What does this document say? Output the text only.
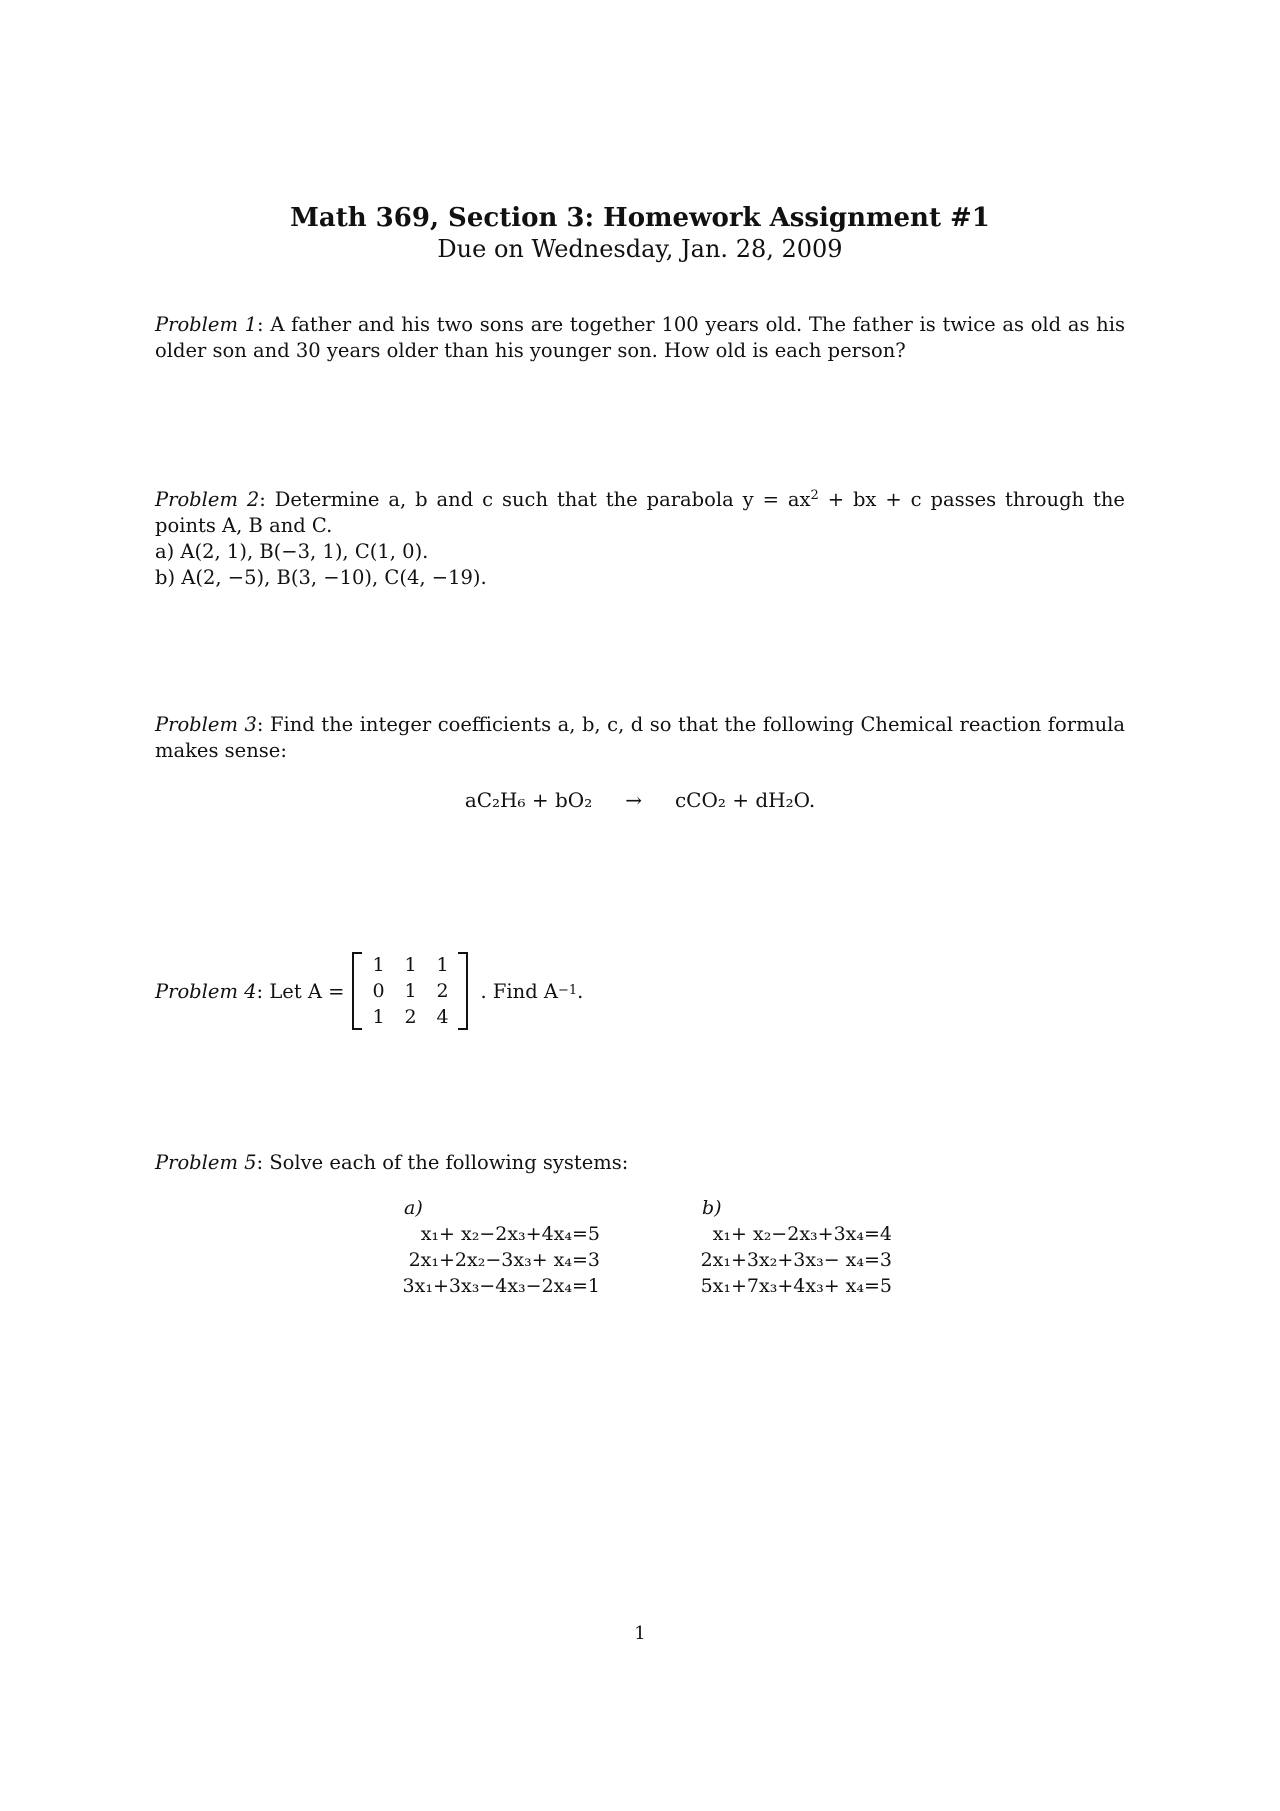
Math 369, Section 3: Homework Assignment #1
Due on Wednesday, Jan. 28, 2009
Problem 1: A father and his two sons are together 100 years old. The father is twice as old as his older son and 30 years older than his younger son. How old is each person?
Problem 2: Determine a, b and c such that the parabola $y = ax^2$ + bx + c passes through the points A, B and C.
a) A(2, 1), B(−3, 1), C(1, 0).
b) A(2, −5), B(3, −10), C(4, −19).
Problem 3: Find the integer coefficients a, b, c, d so that the following Chemical reaction formula makes sense:
aC₂H₆ + bO₂ → cCO₂ + dH₂O.
Problem 4 : Let A =
1	1	1
0	1	2
1	2	4
. Find A −1 .
Problem 5: Solve each of the following systems:
a)
x₁+ x₂−2x₃+4x₄=5
2x₁+2x₂−3x₃+ x₄=3
3x₁+3x₃−4x₃−2x₄=1
b)
x₁+ x₂−2x₃+3x₄=4
2x₁+3x₂+3x₃− x₄=3
5x₁+7x₃+4x₃+ x₄=5
1
